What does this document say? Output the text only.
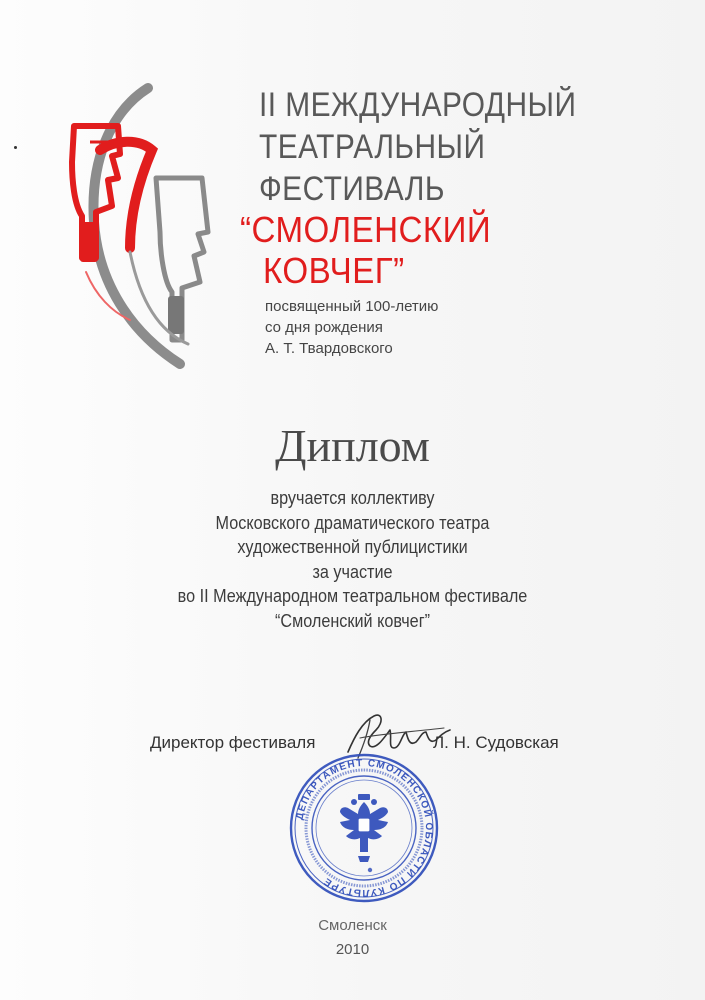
II МЕЖДУНАРОДНЫЙ

ТЕАТРАЛЬНЫЙ

ФЕСТИВАЛЬ

“СМОЛЕНСКИЙ

КОВЧЕГ”

посвященный 100-летию

со дня рождения

А. Т. Твардовского

Диплом

вручается коллективу

Московского драматического театра

художественной публицистики

за участие

во II Международном театральном фестивале

“Смоленский ковчег”

Директор фестиваля	Л. Н. Судовская
ДЕПАРТАМЕНТ СМОЛЕНСКОЙ ОБЛАСТИ ПО КУЛЬТУРЕ
Смоленск
2010
